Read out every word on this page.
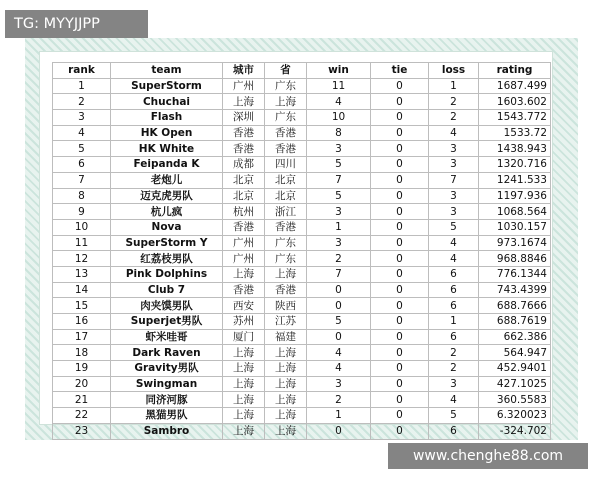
rank	team	城市	省	win	tie	loss	rating
1	SuperStorm	广州	广东	11	0	1	1687.499
2	Chuchai	上海	上海	4	0	2	1603.602
3	Flash	深圳	广东	10	0	2	1543.772
4	HK Open	香港	香港	8	0	4	1533.72
5	HK White	香港	香港	3	0	3	1438.943
6	Feipanda K	成都	四川	5	0	3	1320.716
7	老炮儿	北京	北京	7	0	7	1241.533
8	迈克虎男队	北京	北京	5	0	3	1197.936
9	杭儿疯	杭州	浙江	3	0	3	1068.564
10	Nova	香港	香港	1	0	5	1030.157
11	SuperStorm Y	广州	广东	3	0	4	973.1674
12	红荔枝男队	广州	广东	2	0	4	968.8846
13	Pink Dolphins	上海	上海	7	0	6	776.1344
14	Club 7	香港	香港	0	0	6	743.4399
15	肉夹馍男队	西安	陕西	0	0	6	688.7666
16	Superjet男队	苏州	江苏	5	0	1	688.7619
17	虾米哇哥	厦门	福建	0	0	6	662.386
18	Dark Raven	上海	上海	4	0	2	564.947
19	Gravity男队	上海	上海	4	0	2	452.9401
20	Swingman	上海	上海	3	0	3	427.1025
21	同济河豚	上海	上海	2	0	4	360.5583
22	黑猫男队	上海	上海	1	0	5	6.320023
23	Sambro	上海	上海	0	0	6	-324.702
TG: MYYJJPP
www.chenghe88.com
